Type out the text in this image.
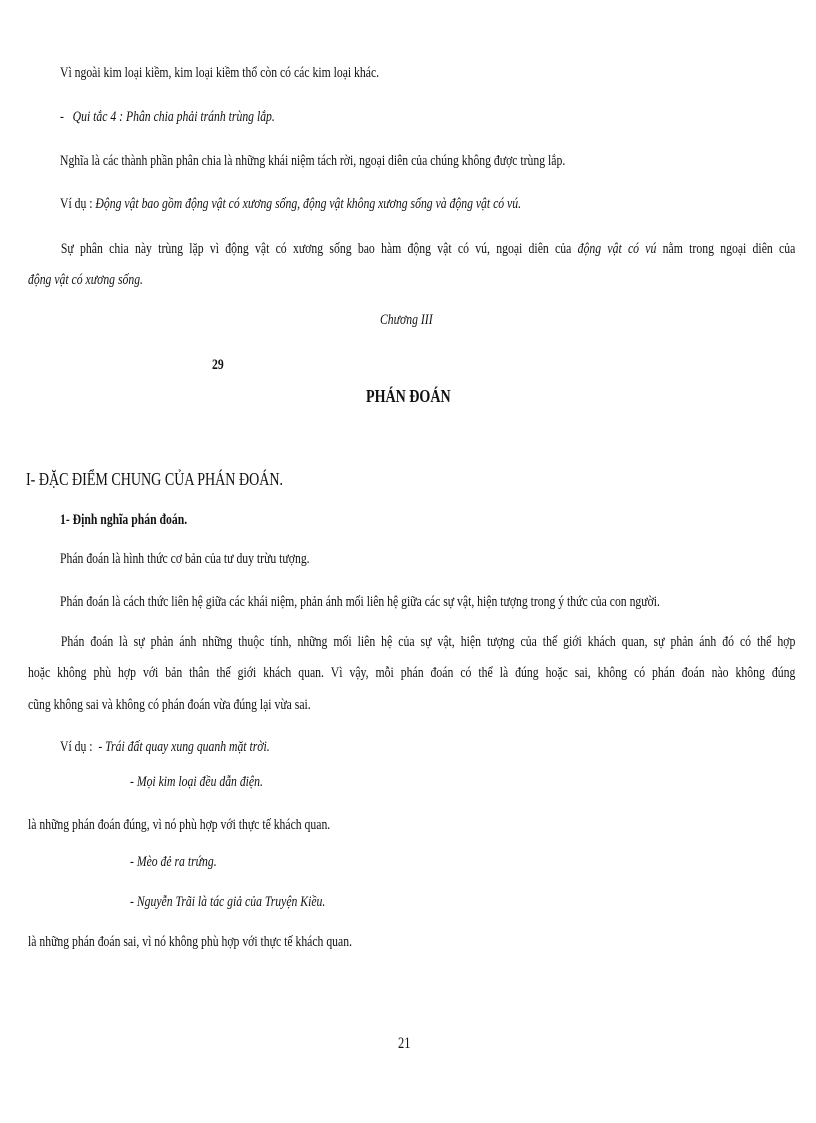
Vì ngoài kim loại kiềm, kim loại kiềm thổ còn có các kim loại khác.

- Qui tắc 4 : Phân chia phải tránh trùng lắp.

Nghĩa là các thành phần phân chia là những khái niệm tách rời, ngoại diên của chúng không được trùng lắp.

Ví dụ : Động vật bao gồm động vật có xương sống, động vật không xương sống và động vật có vú.

Sự phân chia này trùng lặp vì động vật có xương sống bao hàm động vật có vú, ngoại diên của động vật có vú nằm trong ngoại diên của

động vật có xương sống.

Chương III

29

PHÁN ĐOÁN

I- ĐẶC ĐIỂM CHUNG CỦA PHÁN ĐOÁN.

1- Định nghĩa phán đoán.

Phán đoán là hình thức cơ bản của tư duy trừu tượng.

Phán đoán là cách thức liên hệ giữa các khái niệm, phản ánh mối liên hệ giữa các sự vật, hiện tượng trong ý thức của con người.

Phán đoán là sự phản ánh những thuộc tính, những mối liên hệ của sự vật, hiện tượng của thế giới khách quan, sự phản ánh đó có thể hợp

hoặc không phù hợp với bản thân thế giới khách quan. Vì vậy, mỗi phán đoán có thể là đúng hoặc sai, không có phán đoán nào không đúng

cũng không sai và không có phán đoán vừa đúng lại vừa sai.

Ví dụ : - Trái đất quay xung quanh mặt trời.

- Mọi kim loại đều dẫn điện.

là những phán đoán đúng, vì nó phù hợp với thực tế khách quan.

- Mèo đẻ ra trứng.

- Nguyễn Trãi là tác giả của Truyện Kiều.

là những phán đoán sai, vì nó không phù hợp với thực tế khách quan.

21
